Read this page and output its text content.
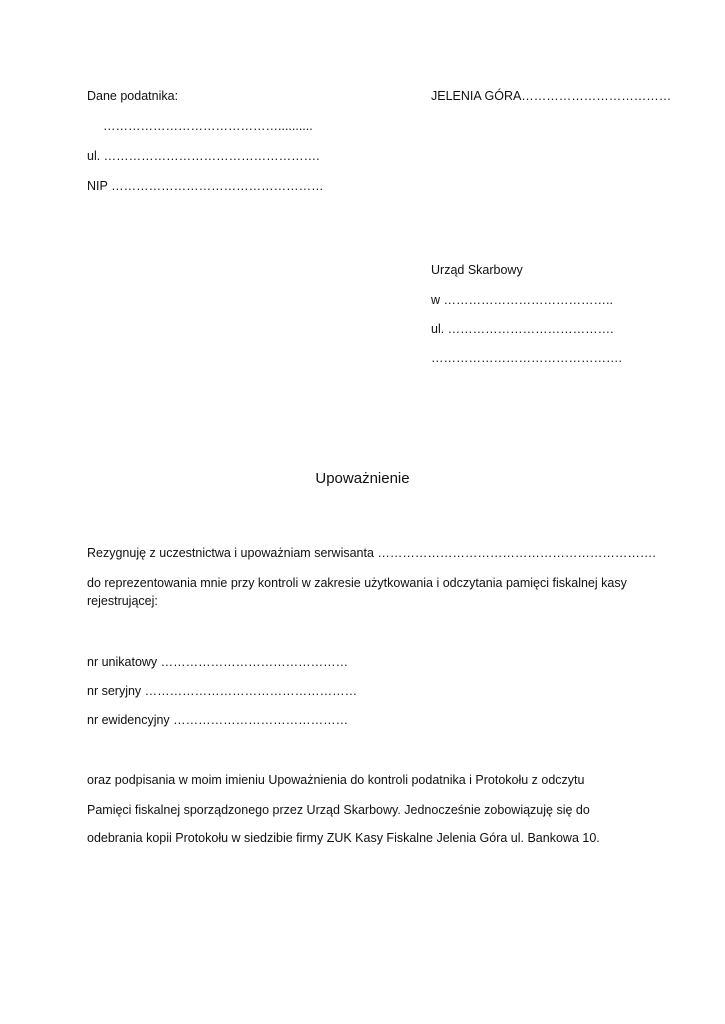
Dane podatnika:
……………………………………..........
ul. …………………………………………….
NIP ……………………………………………
JELENIA GÓRA………………………………
Urząd Skarbowy
w …………………………………..
ul. ………………………………….
……………………………………….
Upoważnienie
Rezygnuję z uczestnictwa i upoważniam serwisanta ………………………………………………………….
do reprezentowania mnie przy kontroli w zakresie użytkowania i odczytania pamięci fiskalnej kasy rejestrującej:
nr unikatowy ………………………………………
nr seryjny ……………………………………………
nr ewidencyjny ……………………………………
oraz podpisania w moim imieniu Upoważnienia do kontroli podatnika i Protokołu z odczytu
Pamięci fiskalnej sporządzonego przez Urząd Skarbowy. Jednocześnie zobowiązuję się do
odebrania kopii Protokołu w siedzibie firmy ZUK Kasy Fiskalne Jelenia Góra ul. Bankowa 10.
